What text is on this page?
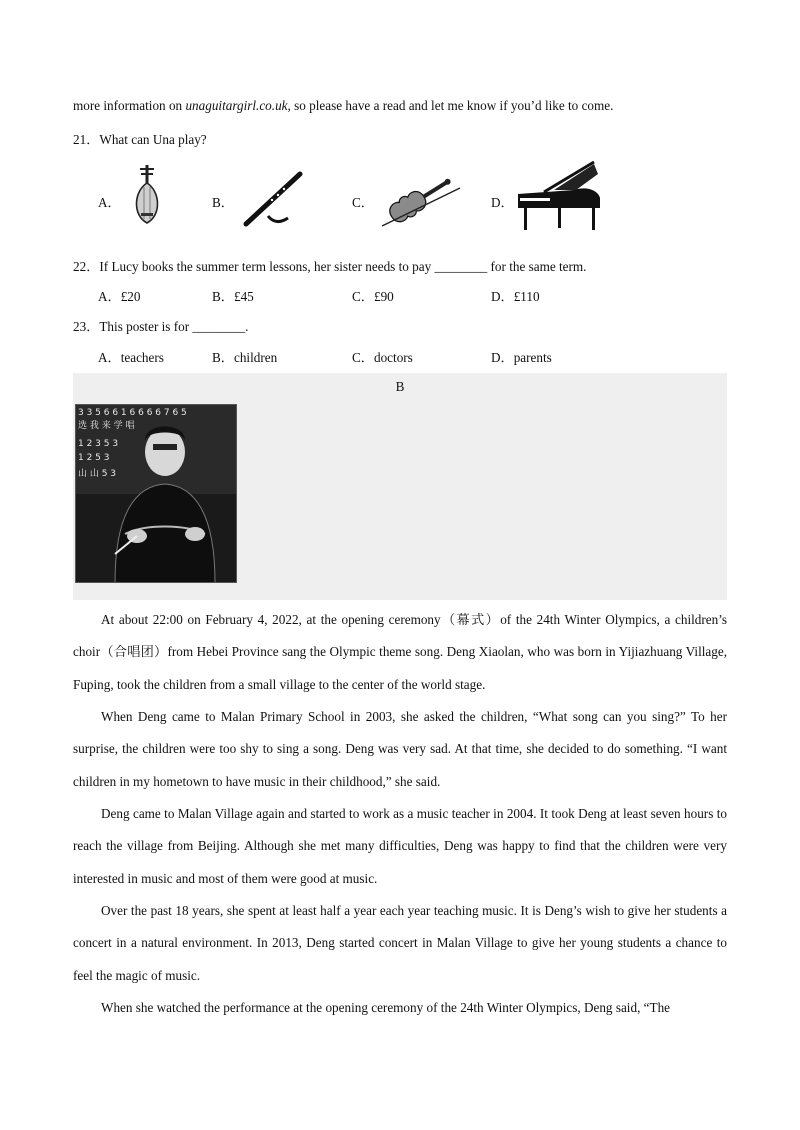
more information on unaguitargirl.co.uk, so please have a read and let me know if you’d like to come.
21．What can Una play?
A．	B．	C．	D．
22．If Lucy books the summer term lessons, her sister needs to pay ________ for the same term.
A．£20	B．£45	C．£90	D．£110
23．This poster is for ________.
A．teachers	B．children	C．doctors	D．parents
B
3 3 5 6 6 1 6 6 6 6 7 6 5
选 我 来 学 唱
1 2 3 5 3
1 2 5 3
山 山 5 3
At about 22:00 on February 4, 2022, at the opening ceremony（幕式）of the 24th Winter Olympics, a children’s choir（合唱团）from Hebei Province sang the Olympic theme song. Deng Xiaolan, who was born in Yijiazhuang Village, Fuping, took the children from a small village to the center of the world stage.
When Deng came to Malan Primary School in 2003, she asked the children, “What song can you sing?” To her surprise, the children were too shy to sing a song. Deng was very sad. At that time, she decided to do something. “I want children in my hometown to have music in their childhood,” she said.
Deng came to Malan Village again and started to work as a music teacher in 2004. It took Deng at least seven hours to reach the village from Beijing. Although she met many difficulties, Deng was happy to find that the children were very interested in music and most of them were good at music.
Over the past 18 years, she spent at least half a year each year teaching music. It is Deng’s wish to give her students a concert in a natural environment. In 2013, Deng started concert in Malan Village to give her young students a chance to feel the magic of music.
When she watched the performance at the opening ceremony of the 24th Winter Olympics, Deng said, “The
